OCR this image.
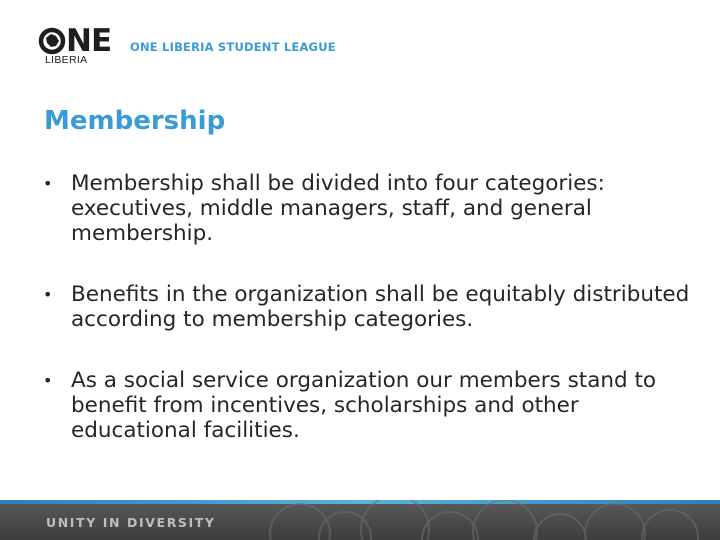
NE
LIBERIA
ONE LIBERIA STUDENT LEAGUE
Membership
• Membership shall be divided into four categories: executives, middle managers, staff, and general membership.
• Benefits in the organization shall be equitably distributed according to membership categories.
• As a social service organization our members stand to benefit from incentives, scholarships and other educational facilities.
UNITY IN DIVERSITY
